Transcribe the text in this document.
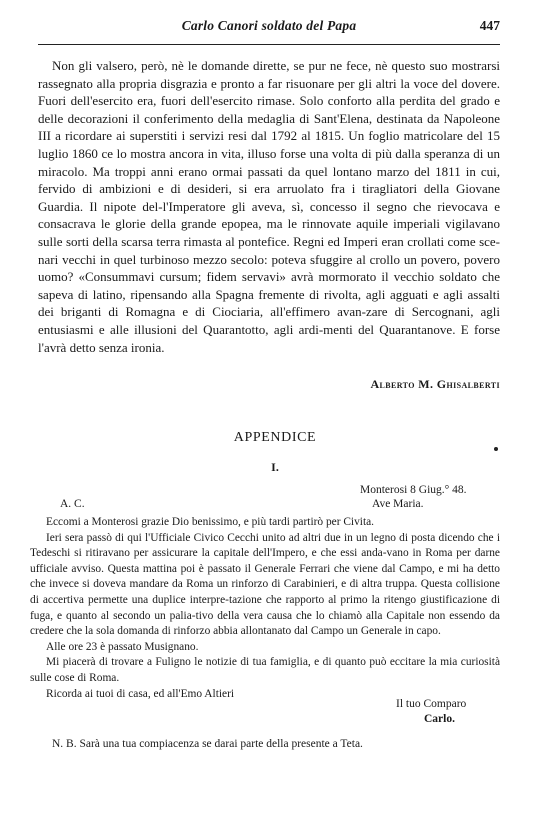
Carlo Canori soldato del Papa	447

Non gli valsero, però, nè le domande dirette, se pur ne fece, nè questo suo mostrarsi rassegnato alla propria disgrazia e pronto a far risuonare per gli altri la voce del dovere. Fuori dell'esercito era, fuori dell'esercito rimase. Solo conforto alla perdita del grado e delle decorazioni il conferimento della medaglia di Sant'Elena, destinata da Napoleone III a ricordare ai superstiti i servizi resi dal 1792 al 1815. Un foglio matricolare del 15 luglio 1860 ce lo mostra ancora in vita, illuso forse una volta di più dalla speranza di un miracolo. Ma troppi anni erano ormai passati da quel lontano marzo del 1811 in cui, fervido di ambizioni e di desideri, si era arruolato fra i tiragliatori della Giovane Guardia. Il nipote del-l'Imperatore gli aveva, sì, concesso il segno che rievocava e consacrava le glorie della grande epopea, ma le rinnovate aquile imperiali vigilavano sulle sorti della scarsa terra rimasta al pontefice. Regni ed Imperi eran crollati come sce-nari vecchi in quel turbinoso mezzo secolo: poteva sfuggire al crollo un povero, povero uomo? «Consummavi cursum; fidem servavi» avrà mormorato il vecchio soldato che sapeva di latino, ripensando alla Spagna fremente di rivolta, agli agguati e agli assalti dei briganti di Romagna e di Ciociaria, all'effimero avan-zare di Sercognani, agli entusiasmi e alle illusioni del Quarantotto, agli ardi-menti del Quarantanove. E forse l'avrà detto senza ironia.

Alberto M. Ghisalberti
APPENDICE
I.
Monterosi 8 Giug.° 48.
A. C.	Ave Maria.

Eccomi a Monterosi grazie Dio benissimo, e più tardi partirò per Civita.

Ieri sera passò di qui l'Ufficiale Civico Cecchi unito ad altri due in un legno di posta dicendo che i Tedeschi si ritiravano per assicurare la capitale dell'Impero, e che essi anda-vano in Roma per darne ufficiale avviso. Questa mattina poi è passato il Generale Ferrari che viene dal Campo, e mi ha detto che invece si doveva mandare da Roma un rinforzo di Carabinieri, e di altra truppa. Questa collisione di accertiva permette una duplice interpre-tazione che rapporto al primo la ritengo giustificazione di fuga, e quanto al secondo un palia-tivo della vera causa che lo chiamò alla Capitale non essendo da credere che la sola domanda di rinforzo abbia allontanato dal Campo un Generale in capo.

Alle ore 23 è passato Musignano.

Mi piacerà di trovare a Fuligno le notizie di tua famiglia, e di quanto può eccitare la mia curiosità sulle cose di Roma.

Ricorda ai tuoi di casa, ed all'Emo Altieri

Il tuo Comparo
Carlo.
N. B. Sarà una tua compiacenza se darai parte della presente a Teta.
